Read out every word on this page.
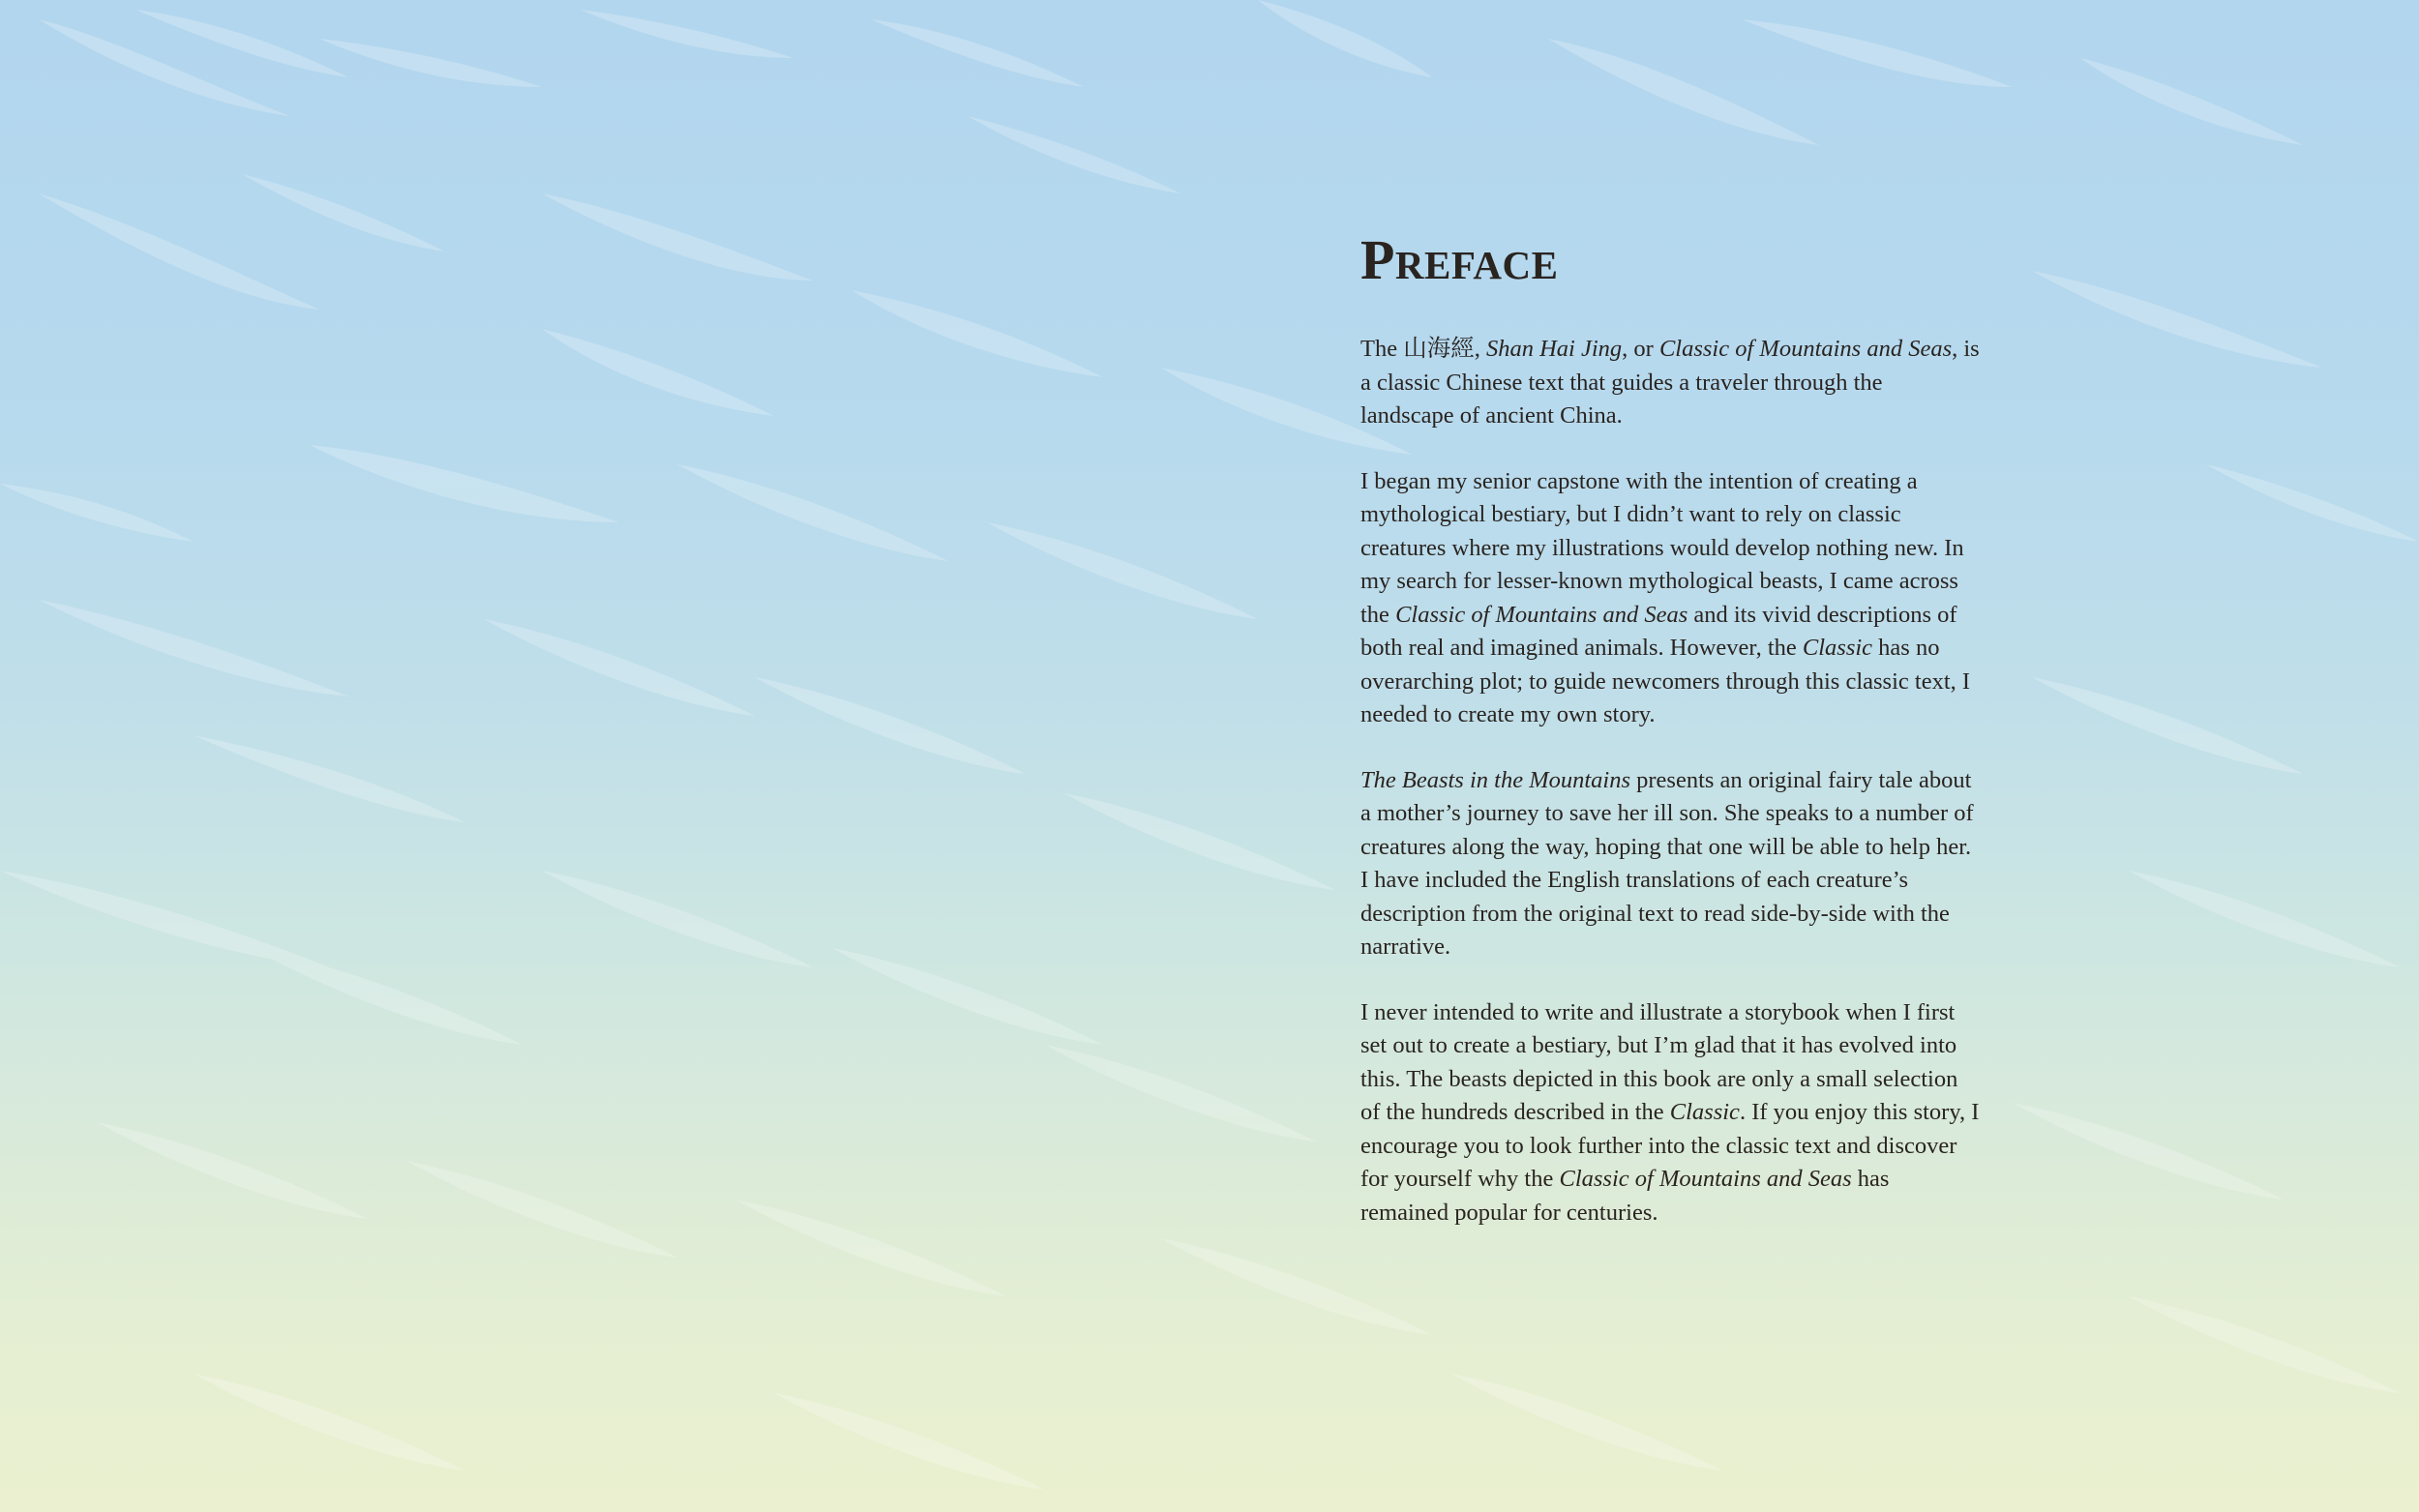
Preface

The 山海經, Shan Hai Jing, or Classic of Mountains and Seas, is a classic Chinese text that guides a traveler through the landscape of ancient China.

I began my senior capstone with the intention of creating a mythological bestiary, but I didn’t want to rely on classic creatures where my illustrations would develop nothing new. In my search for lesser-known mythological beasts, I came across the Classic of Mountains and Seas and its vivid descriptions of both real and imagined animals. However, the Classic has no overarching plot; to guide newcomers through this classic text, I needed to create my own story.

The Beasts in the Mountains presents an original fairy tale about a mother’s journey to save her ill son. She speaks to a number of creatures along the way, hoping that one will be able to help her. I have included the English translations of each creature’s description from the original text to read side-by-side with the narrative.

I never intended to write and illustrate a storybook when I first set out to create a bestiary, but I’m glad that it has evolved into this. The beasts depicted in this book are only a small selection of the hundreds described in the Classic. If you enjoy this story, I encourage you to look further into the classic text and discover for yourself why the Classic of Mountains and Seas has remained popular for centuries.
